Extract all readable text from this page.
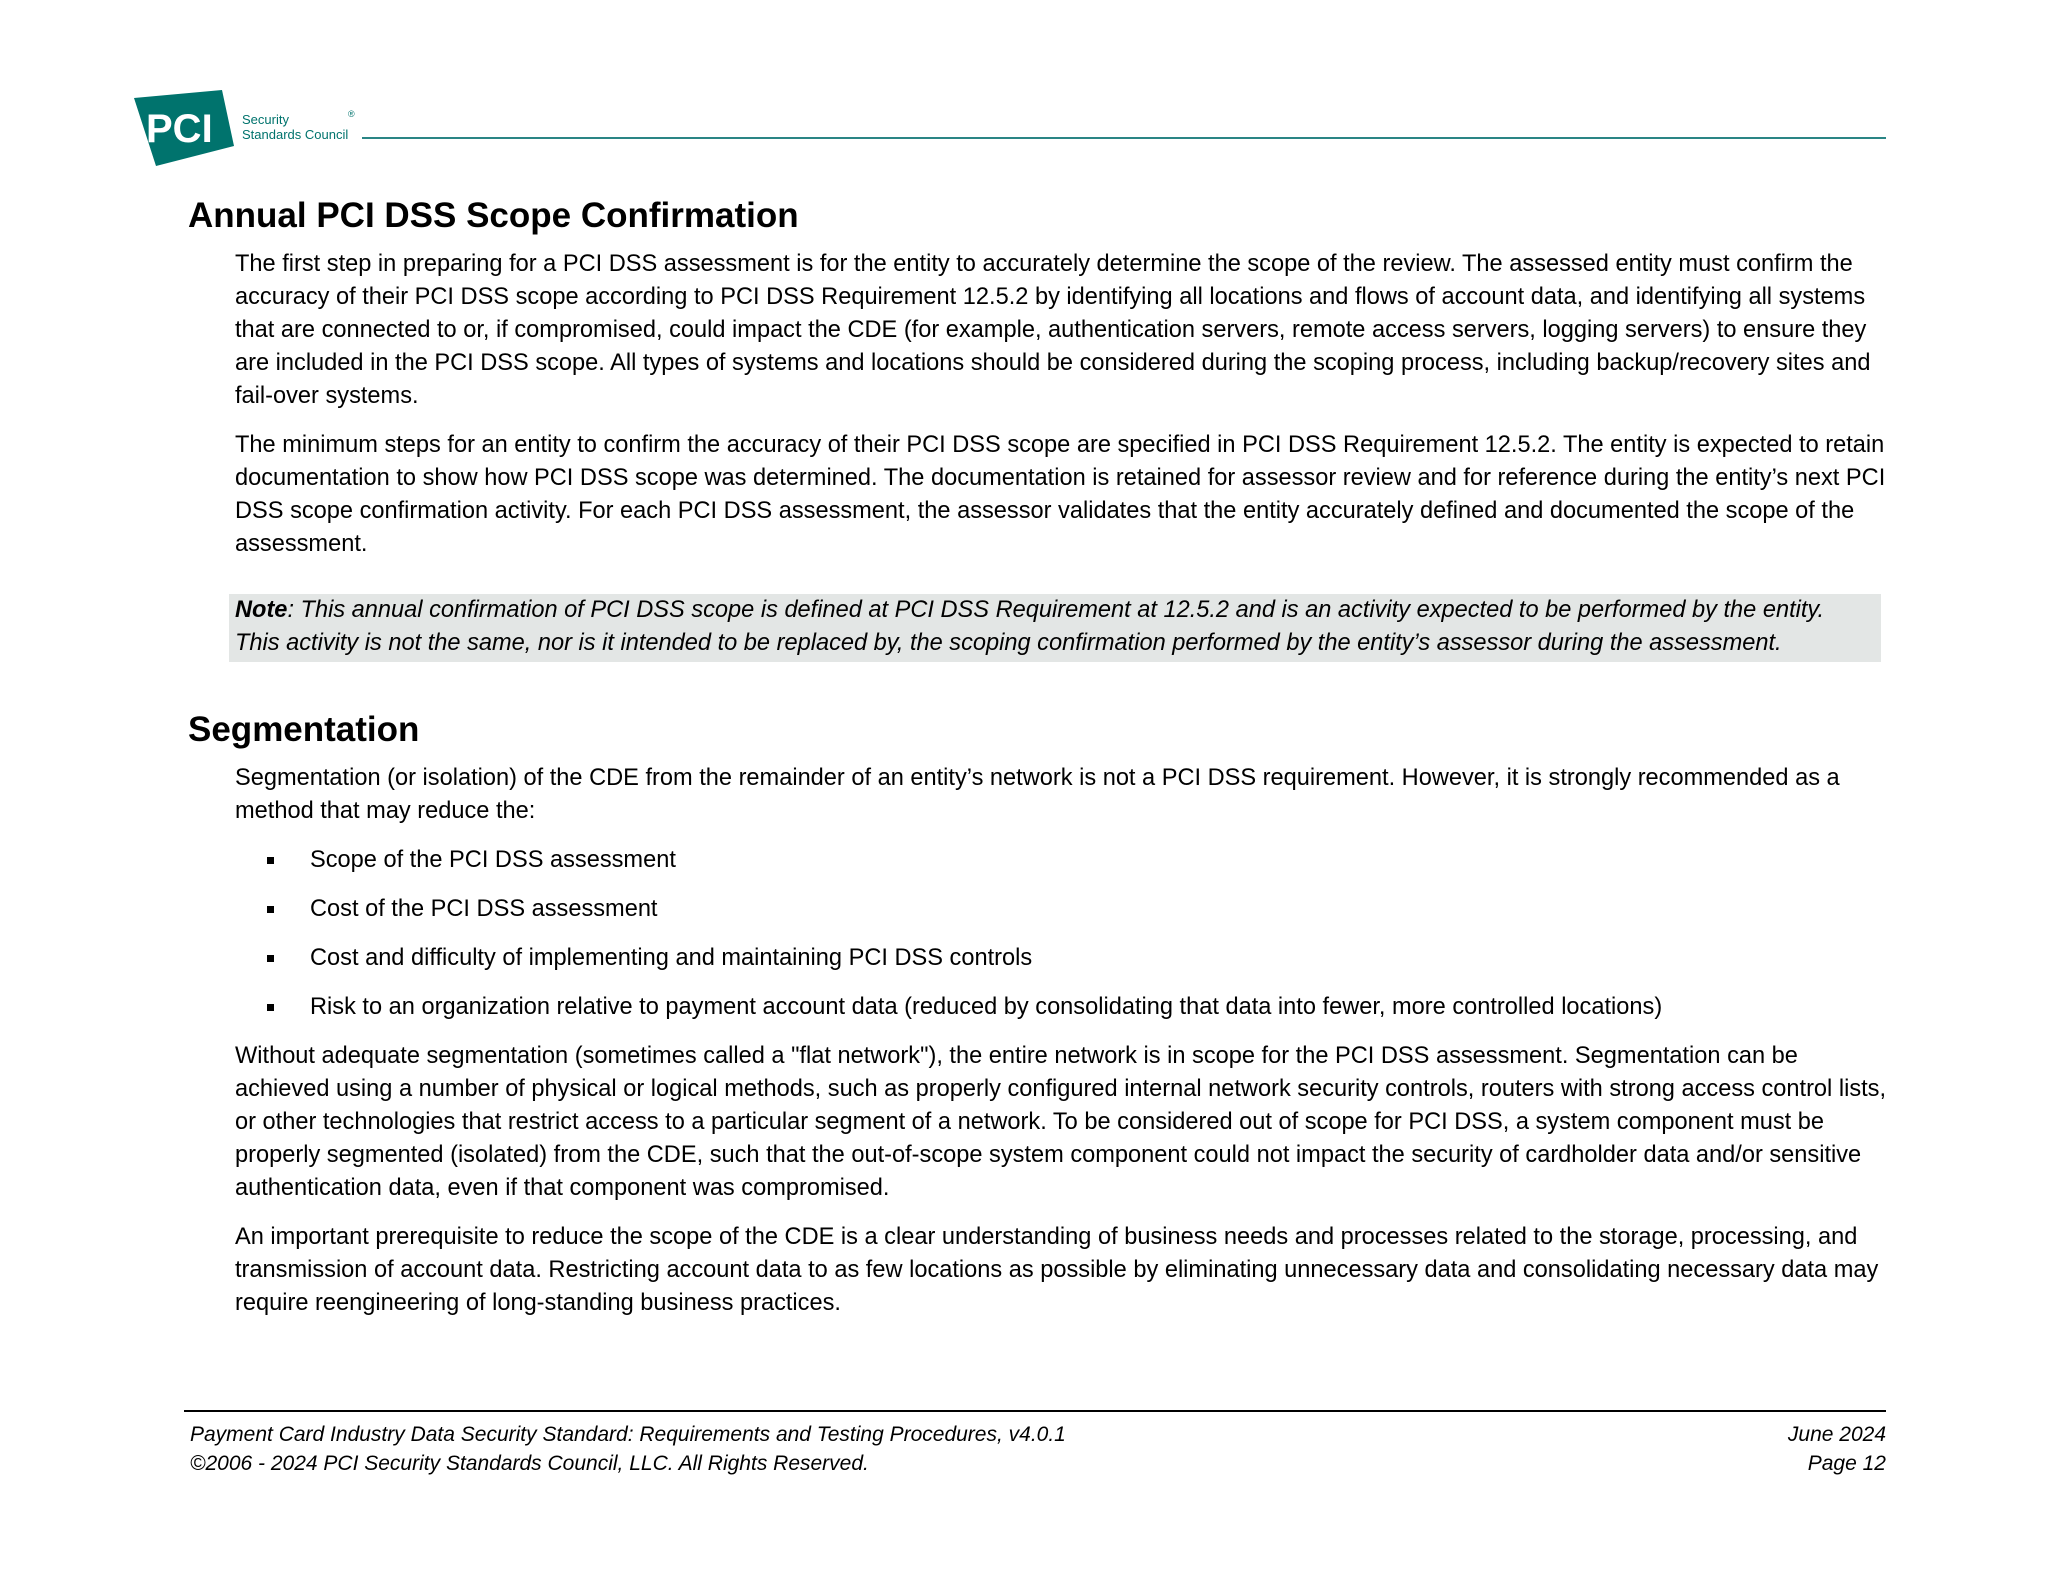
PCI Security
Standards Council
®
Annual PCI DSS Scope Confirmation

The first step in preparing for a PCI DSS assessment is for the entity to accurately determine the scope of the review. The assessed entity must confirm the accuracy of their PCI DSS scope according to PCI DSS Requirement 12.5.2 by identifying all locations and flows of account data, and identifying all systems that are connected to or, if compromised, could impact the CDE (for example, authentication servers, remote access servers, logging servers) to ensure they are included in the PCI DSS scope. All types of systems and locations should be considered during the scoping process, including backup/recovery sites and fail-over systems.

The minimum steps for an entity to confirm the accuracy of their PCI DSS scope are specified in PCI DSS Requirement 12.5.2. The entity is expected to retain documentation to show how PCI DSS scope was determined. The documentation is retained for assessor review and for reference during the entity’s next PCI DSS scope confirmation activity. For each PCI DSS assessment, the assessor validates that the entity accurately defined and documented the scope of the assessment.

Note: This annual confirmation of PCI DSS scope is defined at PCI DSS Requirement at 12.5.2 and is an activity expected to be performed by the entity. This activity is not the same, nor is it intended to be replaced by, the scoping confirmation performed by the entity’s assessor during the assessment.
Segmentation

Segmentation (or isolation) of the CDE from the remainder of an entity’s network is not a PCI DSS requirement. However, it is strongly recommended as a method that may reduce the:

Scope of the PCI DSS assessment
Cost of the PCI DSS assessment
Cost and difficulty of implementing and maintaining PCI DSS controls
Risk to an organization relative to payment account data (reduced by consolidating that data into fewer, more controlled locations)

Without adequate segmentation (sometimes called a "flat network"), the entire network is in scope for the PCI DSS assessment. Segmentation can be achieved using a number of physical or logical methods, such as properly configured internal network security controls, routers with strong access control lists, or other technologies that restrict access to a particular segment of a network. To be considered out of scope for PCI DSS, a system component must be properly segmented (isolated) from the CDE, such that the out-of-scope system component could not impact the security of cardholder data and/or sensitive authentication data, even if that component was compromised.

An important prerequisite to reduce the scope of the CDE is a clear understanding of business needs and processes related to the storage, processing, and transmission of account data. Restricting account data to as few locations as possible by eliminating unnecessary data and consolidating necessary data may require reengineering of long-standing business practices.

Payment Card Industry Data Security Standard: Requirements and Testing Procedures, v4.0.1	June 2024
©2006 - 2024 PCI Security Standards Council, LLC. All Rights Reserved.	Page 12
